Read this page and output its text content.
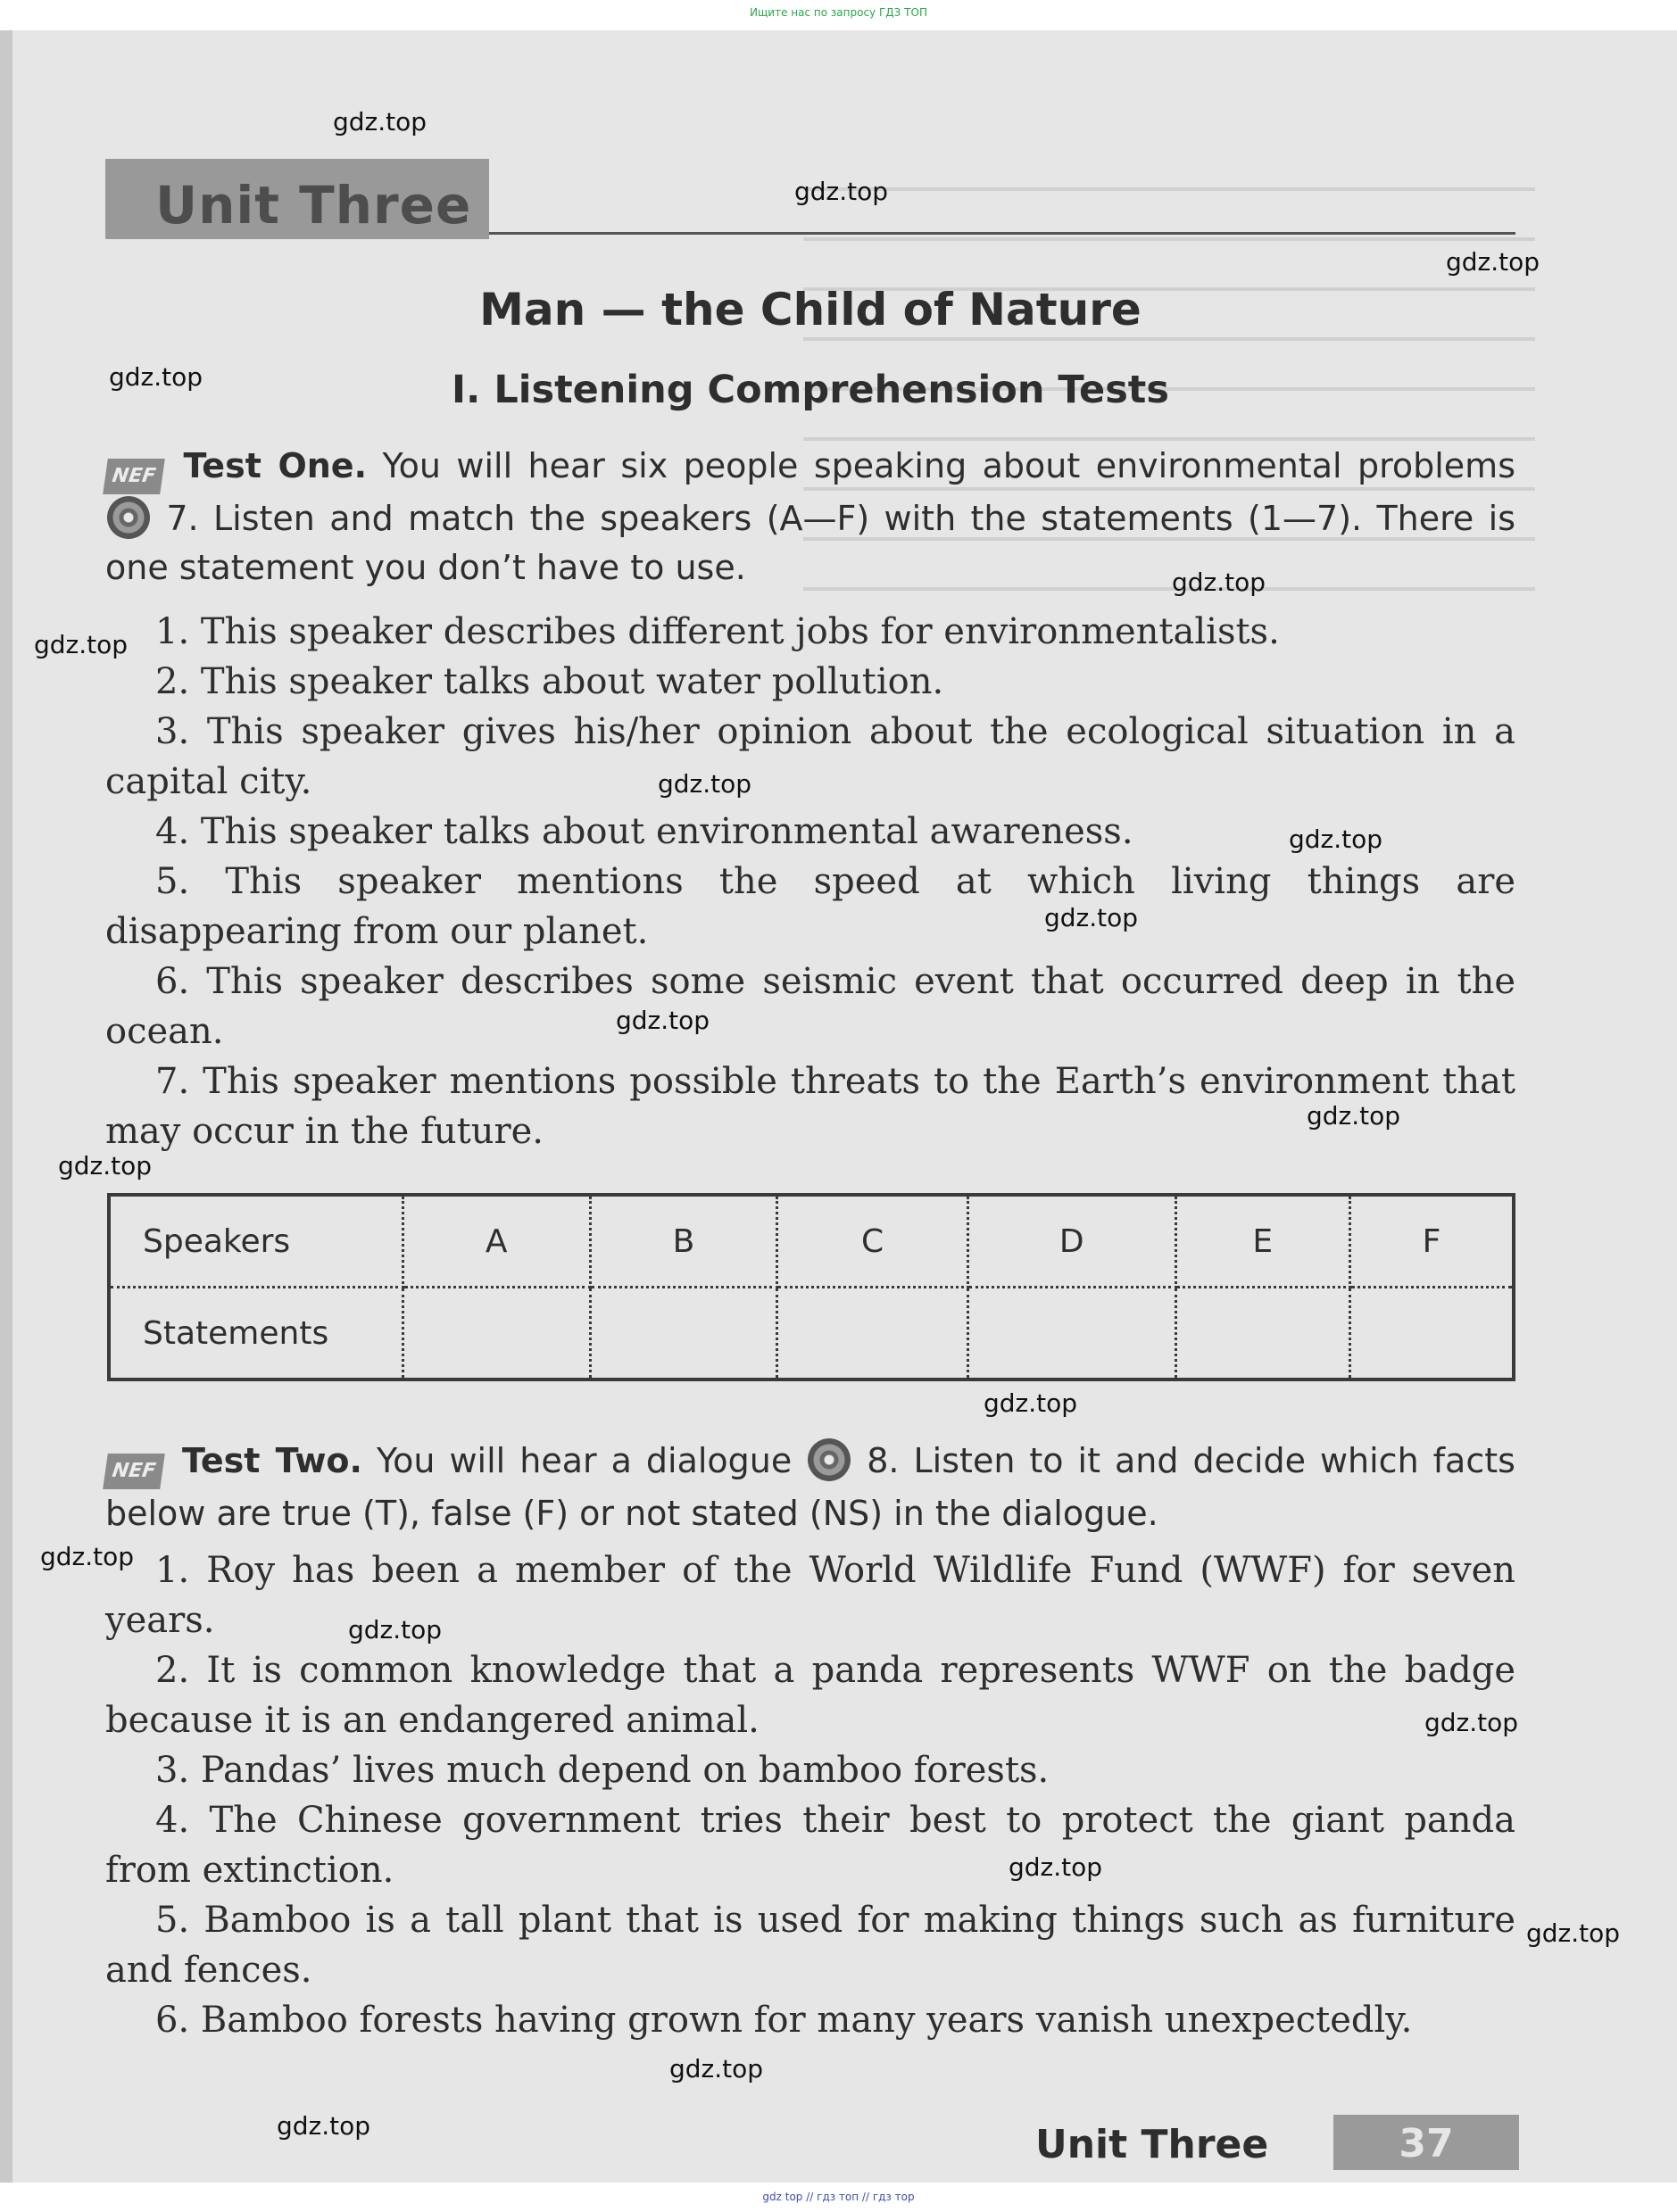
Ищите нас по запросу ГДЗ ТОП
Unit Three
Man — the Child of Nature
I. Listening Comprehension Tests
NEF Test One. You will hear six people speaking about environmental problems  7. Listen and match the speakers (A—F) with the statements (1—7). There is one statement you don’t have to use.

1. This speaker describes different jobs for environmentalists.

2. This speaker talks about water pollution.

3. This speaker gives his/her opinion about the ecological situation in a capital city.

4. This speaker talks about environmental awareness.

5. This speaker mentions the speed at which living things are disappearing from our planet.

6. This speaker describes some seismic event that occurred deep in the ocean.

7. This speaker mentions possible threats to the Earth’s environment that may occur in the future.

Speakers	A	B	C	D	E	F
Statements						
NEF Test Two. You will hear a dialogue 8. Listen to it and decide which facts below are true (T), false (F) or not stated (NS) in the dialogue.

1. Roy has been a member of the World Wildlife Fund (WWF) for seven years.

2. It is common knowledge that a panda represents WWF on the badge because it is an endangered animal.

3. Pandas’ lives much depend on bamboo forests.

4. The Chinese government tries their best to protect the giant panda from extinction.

5. Bamboo is a tall plant that is used for making things such as furniture and fences.

6. Bamboo forests having grown for many years vanish unexpectedly.

Unit Three	37
gdz.top
gdz.top
gdz.top
gdz.top
gdz.top
gdz.top
gdz.top
gdz.top
gdz.top
gdz.top
gdz.top
gdz.top
gdz.top
gdz.top
gdz.top
gdz.top
gdz.top
gdz.top
gdz.top
gdz.top
gdz top // гдз топ // гдз тор
